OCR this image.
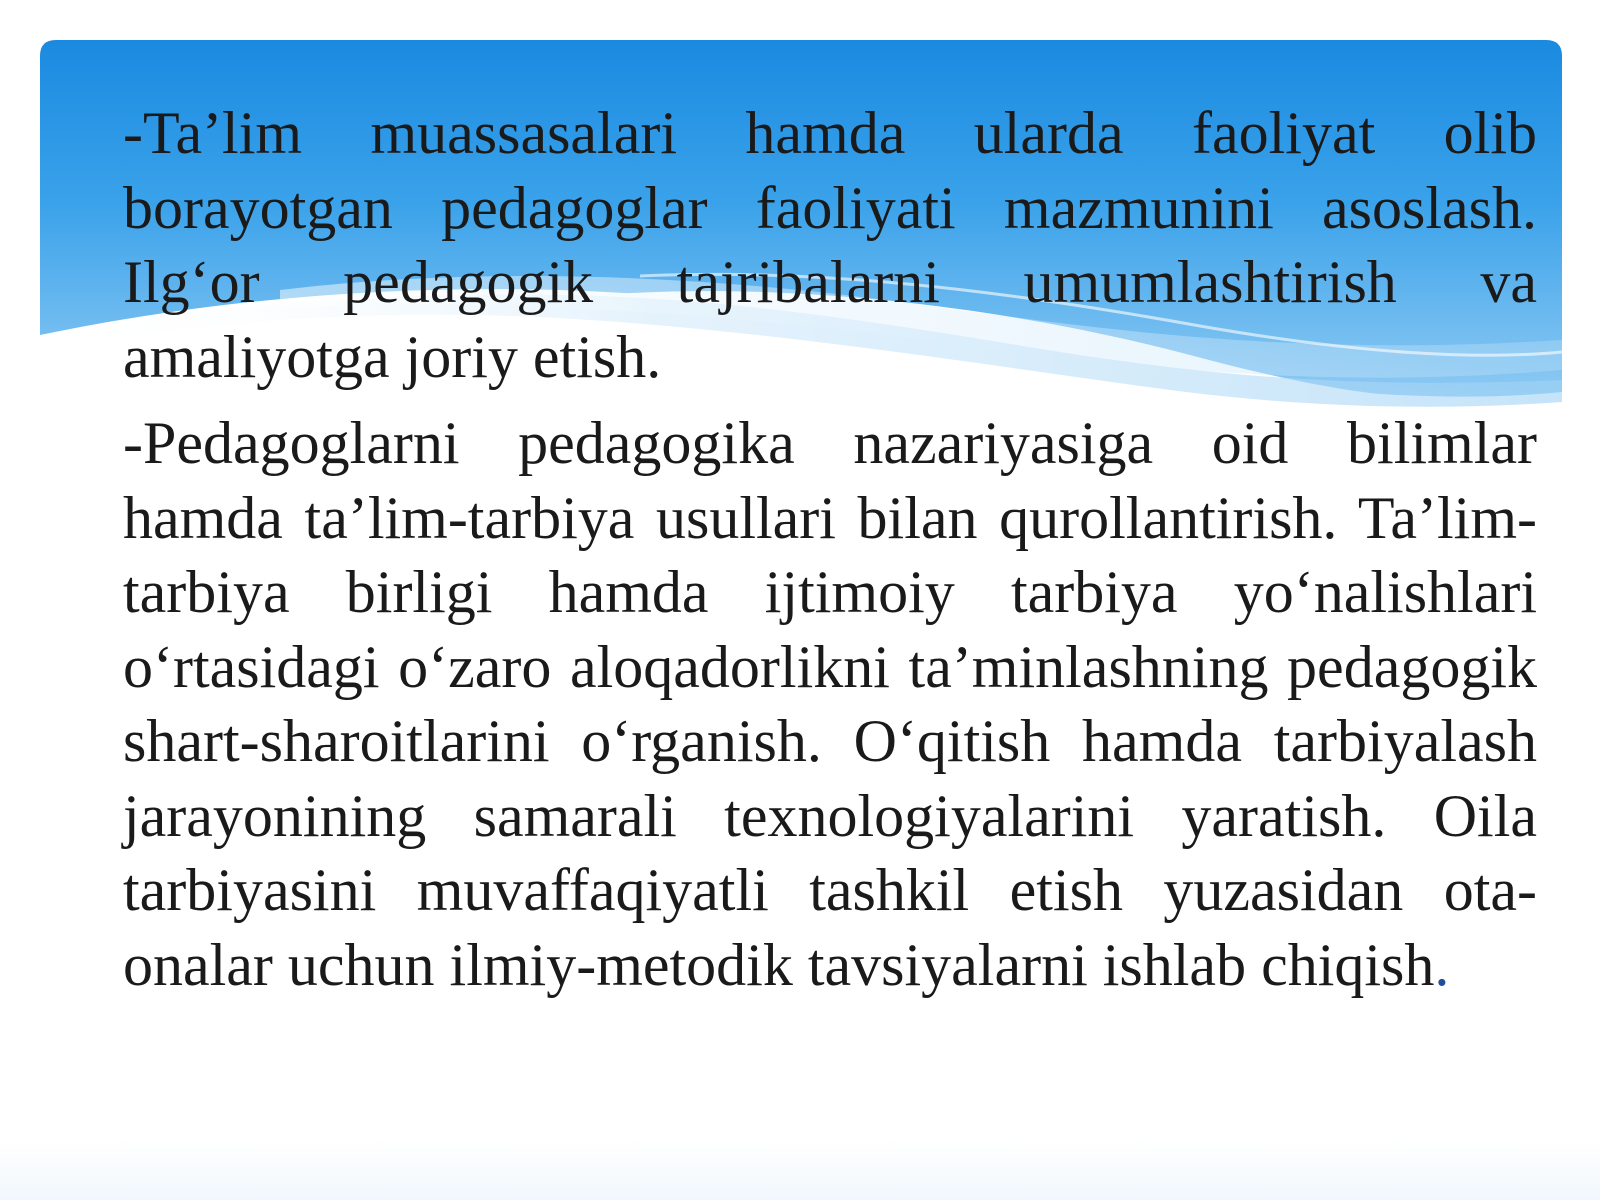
-Ta’lim muassasalari hamda ularda faoliyat olib borayotgan pedagoglar faoliyati mazmunini asoslash. Ilg‘or pedagogik tajribalarni umumlashtirish va amaliyotga joriy etish.

-Pedagoglarni pedagogika nazariyasiga oid bilimlar hamda ta’lim-tarbiya usullari bilan qurollantirish. Ta’lim-tarbiya birligi hamda ijtimoiy tarbiya yo‘nalishlari o‘rtasidagi o‘zaro aloqadorlikni ta’minlashning pedagogik shart-sharoitlarini o‘rganish. O‘qitish hamda tarbiyalash jarayonining samarali texnologiyalarini yaratish. Oila tarbiyasini muvaffaqiyatli tashkil etish yuzasidan ota-onalar uchun ilmiy-metodik tavsiyalarni ishlab chiqish.
